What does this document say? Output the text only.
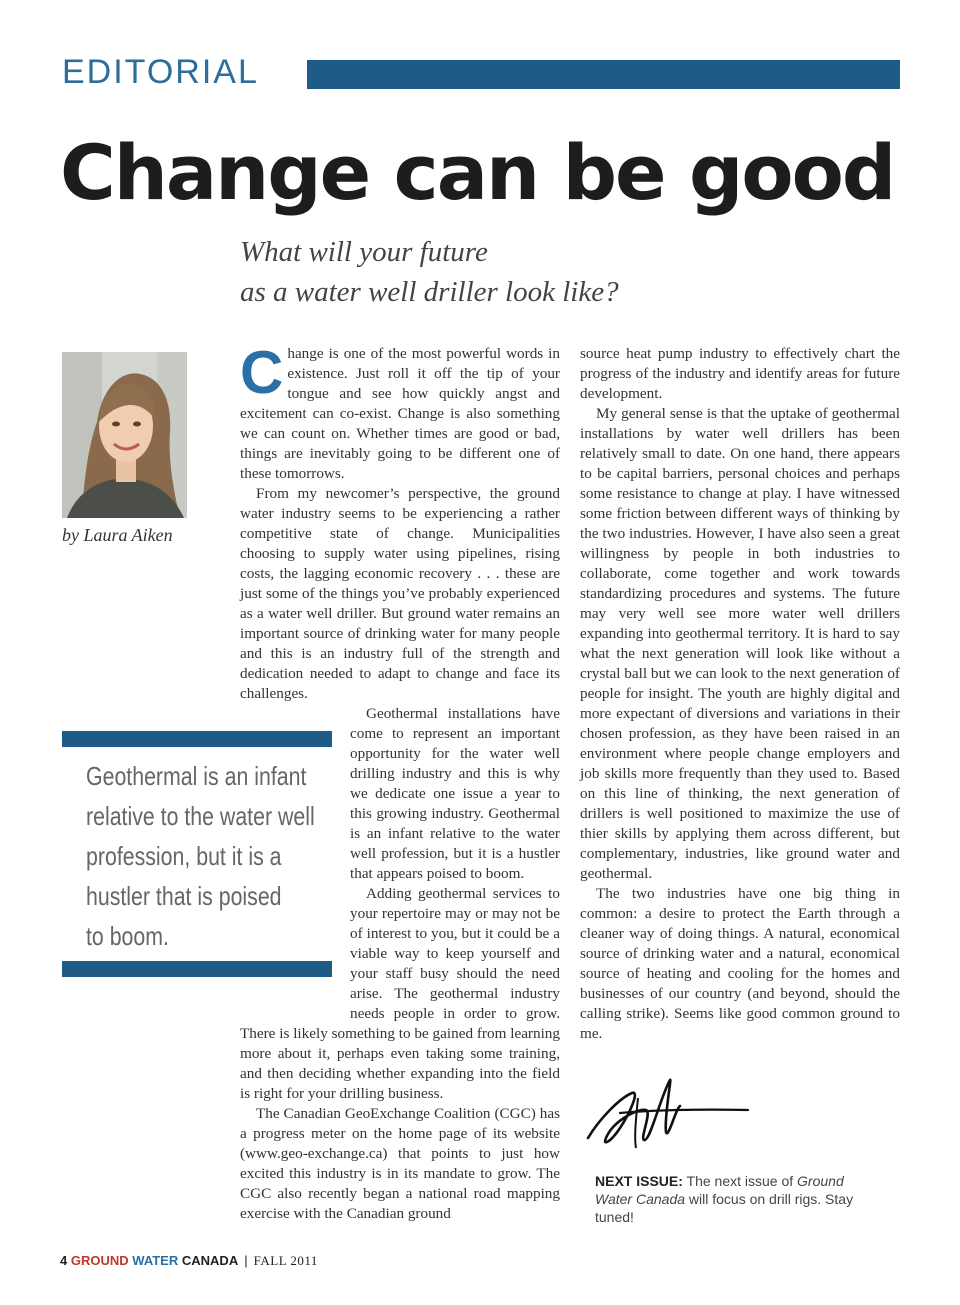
EDITORIAL
Change can be good
What will your future
as a water well driller look like?
by Laura Aiken
Geothermal is an infant
relative to the water well
profession, but it is a
hustler that is poised
to boom.

Change is one of the most powerful words in existence. Just roll it off the tip of your tongue and see how quickly angst and excitement can co-exist. Change is also something we can count on. Whether times are good or bad, things are inevitably going to be different one of these tomorrows.

From my newcomer’s perspective, the ground water industry seems to be experiencing a rather competitive state of change. Municipalities choosing to supply water using pipelines, rising costs, the lagging economic recovery . . . these are just some of the things you’ve probably experienced as a water well driller. But ground water remains an important source of drinking water for many people and this is an industry full of the strength and dedication needed to adapt to change and face its challenges.

Geothermal installations have come to represent an important opportunity for the water well drilling industry and this is why we dedicate one issue a year to this growing industry. Geothermal is an infant relative to the water well profession, but it is a hustler that appears poised to boom.

Adding geothermal services to your repertoire may or may not be of interest to you, but it could be a viable way to keep yourself and your staff busy should the need arise. The geothermal industry needs people in order to grow. There is likely something to be gained from learning more about it, perhaps even taking some training, and then deciding whether expanding into the field is right for your drilling business.

The Canadian GeoExchange Coalition (CGC) has a progress meter on the home page of its website (www.geo-exchange.ca) that points to just how excited this industry is in its mandate to grow. The CGC also recently began a national road mapping exercise with the Canadian ground

source heat pump industry to effectively chart the progress of the industry and identify areas for future development.

My general sense is that the uptake of geothermal installations by water well drillers has been relatively small to date. On one hand, there appears to be capital barriers, personal choices and perhaps some resistance to change at play. I have witnessed some friction between different ways of thinking by the two industries. However, I have also seen a great willingness by people in both industries to collaborate, come together and work towards standardizing procedures and systems. The future may very well see more water well drillers expanding into geothermal territory. It is hard to say what the next generation will look like without a crystal ball but we can look to the next generation of people for insight. The youth are highly digital and more expectant of diversions and variations in their chosen profession, as they have been raised in an environment where people change employers and job skills more frequently than they used to. Based on this line of thinking, the next generation of drillers is well positioned to maximize the use of thier skills by applying them across different, but complementary, industries, like ground water and geothermal.

The two industries have one big thing in common: a desire to protect the Earth through a cleaner way of doing things. A natural, economical source of drinking water and a natural, economical source of heating and cooling for the homes and businesses of our country (and beyond, should the calling strike). Seems like good common ground to me.

NEXT ISSUE: The next issue of Ground Water Canada will focus on drill rigs. Stay tuned!
4 GROUND WATER CANADA | FALL 2011
